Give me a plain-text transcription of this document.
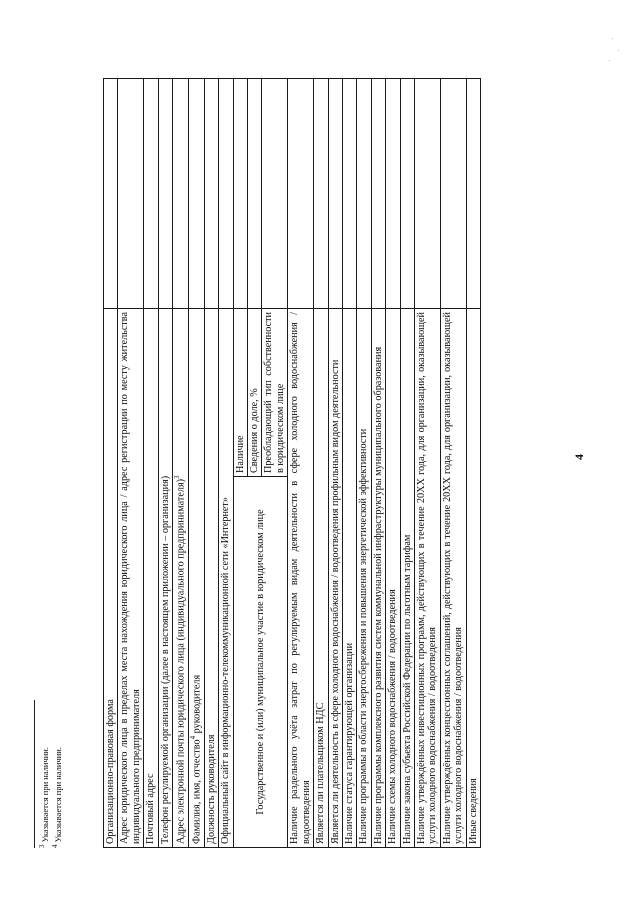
4
Организационно-правовая форма		
Адрес юридического лица в пределах места нахождения юридического лица / адрес регистрации по месту жительства индивидуального предпринимателя		
Почтовый адрес		
Телефон регулируемой организации (далее в настоящем приложении – организация)		
Адрес электронной почты юридического лица (индивидуального предпринимателя)$^3$	
Фамилия, имя, отчество$^4$ руководителя		
Должность руководителя		
Официальный сайт в информационно-телекоммуникационной сети «Интернет»		
Государственное и (или) муниципальное участие в юридическом лице	Наличие	
	Сведения о доле, %	
	Преобладающий тип собственности в юридическом лице	
Наличие раздельного учёта затрат по регулируемым видам деятельности в сфере холодного водоснабжения / водоотведения		
Является ли плательщиком НДС		
Является ли деятельность в сфере холодного водоснабжения / водоотведения профильным видом деятельности		
Наличие статуса гарантирующей организации		
Наличие программы в области энергосбережения и повышения энергетической эффективности		
Наличие программы комплексного развития систем коммунальной инфраструктуры муниципального образования		
Наличие схемы холодного водоснабжения / водоотведения		
Наличие закона субъекта Российской Федерации по льготным тарифам		
Наличие утверждённых инвестиционных программ, действующих в течение 20ХХ года, для организации, оказывающей услуги холодного водоснабжения / водоотведения		
Наличие утверждённых концессионных соглашений, действующих в течение 20ХХ года, для организации, оказывающей услуги холодного водоснабжения / водоотведения		
Иные сведения		
$^3$ Указывается при наличии.
$^4$ Указывается при наличии.
